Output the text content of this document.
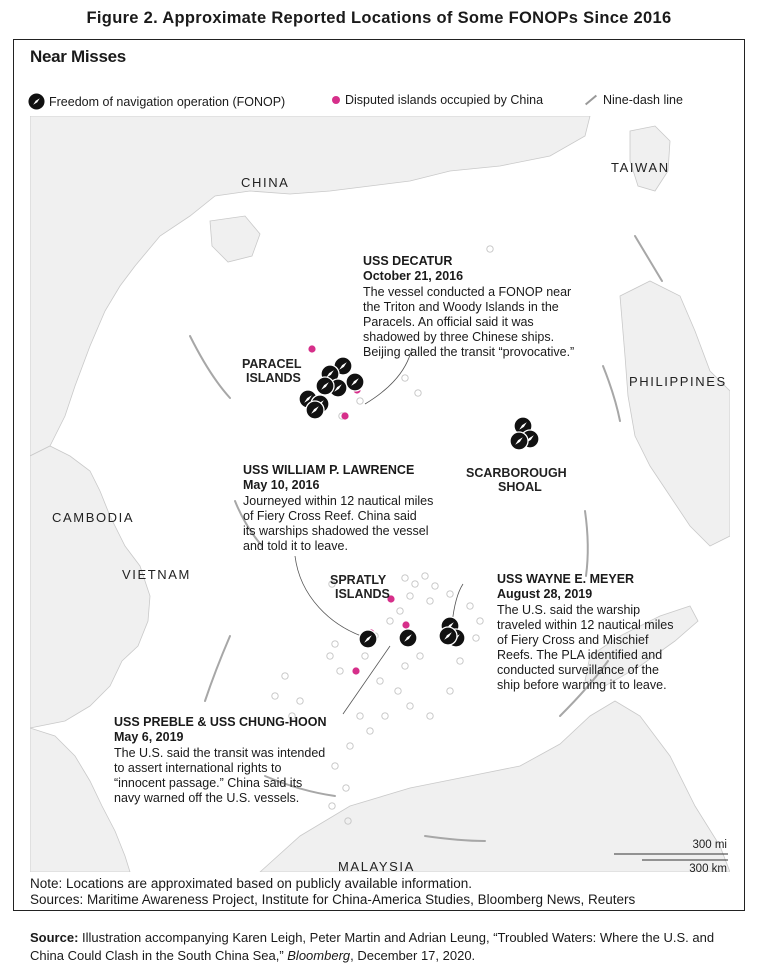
Figure 2. Approximate Reported Locations of Some FONOPs Since 2016
Near Misses
Freedom of navigation operation (FONOP)	Disputed islands occupied by China	Nine-dash line
CHINA
TAIWAN
PHILIPPINES
CAMBODIA
VIETNAM
MALAYSIA
PARACEL
ISLANDS
SCARBOROUGH
SHOAL
SPRATLY
ISLANDS
USS DECATUR
October 21, 2016
The vessel conducted a FONOP near
the Triton and Woody Islands in the
Paracels. An official said it was
shadowed by three Chinese ships.
Beijing called the transit “provocative.”
USS WILLIAM P. LAWRENCE
May 10, 2016
Journeyed within 12 nautical miles
of Fiery Cross Reef. China said
its warships shadowed the vessel
and told it to leave.
USS WAYNE E. MEYER
August 28, 2019
The U.S. said the warship
traveled within 12 nautical miles
of Fiery Cross and Mischief
Reefs. The PLA identified and
conducted surveillance of the
ship before warning it to leave.
USS PREBLE & USS CHUNG-HOON
May 6, 2019
The U.S. said the transit was intended
to assert international rights to
“innocent passage.” China said its
navy warned off the U.S. vessels.
300 mi
300 km
Note: Locations are approximated based on publicly available information.
Sources: Maritime Awareness Project, Institute for China-America Studies, Bloomberg News, Reuters
Source: Illustration accompanying Karen Leigh, Peter Martin and Adrian Leung, “Troubled Waters: Where the U.S. and China Could Clash in the South China Sea,” Bloomberg, December 17, 2020.
